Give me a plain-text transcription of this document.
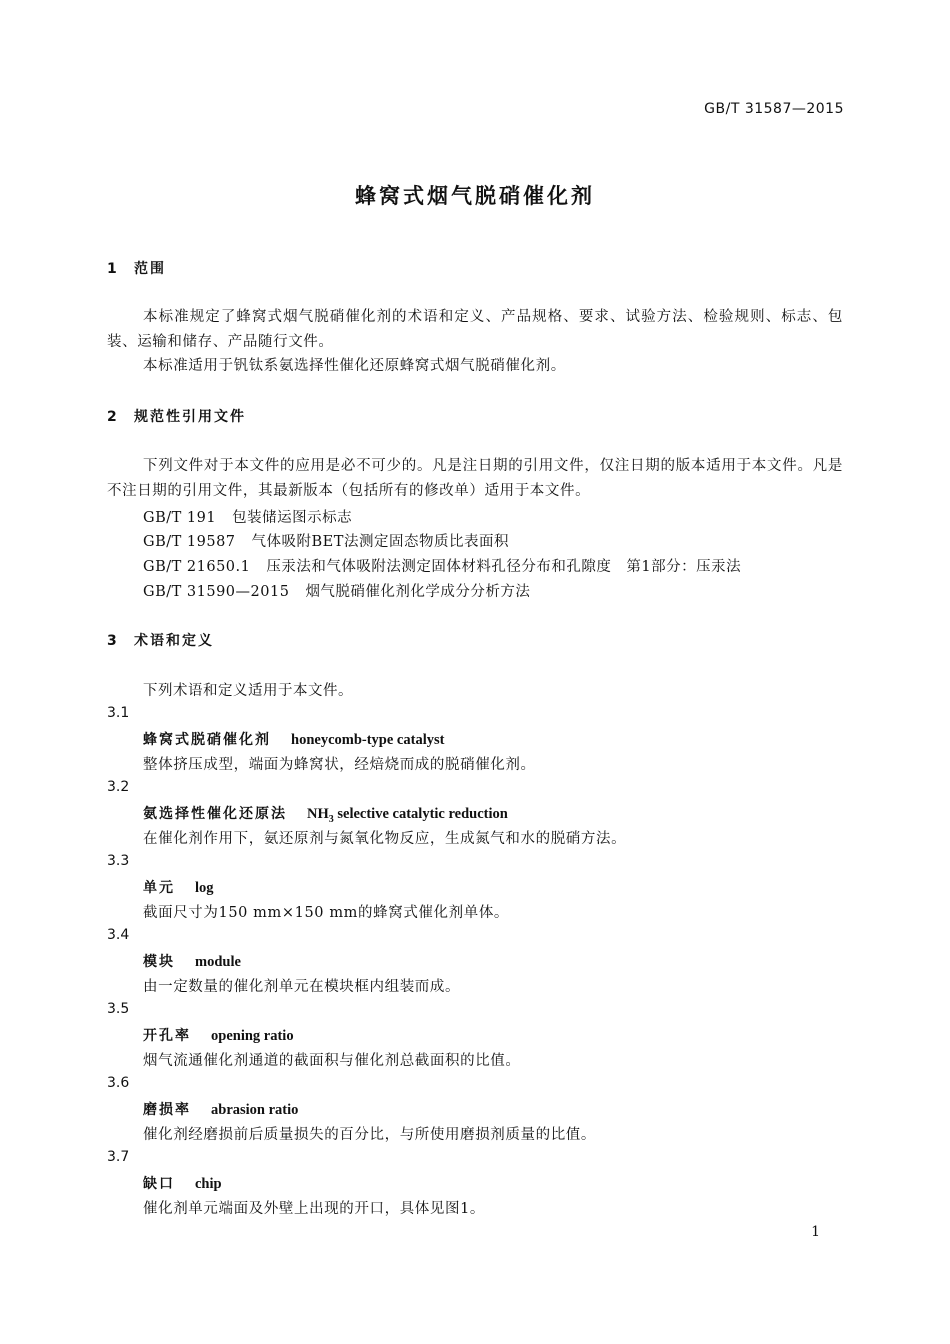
GB/T 31587—2015
蜂窝式烟气脱硝催化剂
1 范围
本标准规定了蜂窝式烟气脱硝催化剂的术语和定义、产品规格、要求、试验方法、检验规则、标志、包装、运输和储存、产品随行文件。
本标准适用于钒钛系氨选择性催化还原蜂窝式烟气脱硝催化剂。
2 规范性引用文件
下列文件对于本文件的应用是必不可少的。凡是注日期的引用文件，仅注日期的版本适用于本文件。凡是不注日期的引用文件，其最新版本（包括所有的修改单）适用于本文件。
GB/T 191 包装储运图示标志
GB/T 19587 气体吸附BET法测定固态物质比表面积
GB/T 21650.1 压汞法和气体吸附法测定固体材料孔径分布和孔隙度　第1部分：压汞法
GB/T 31590—2015 烟气脱硝催化剂化学成分分析方法
3 术语和定义
下列术语和定义适用于本文件。
3.1
蜂窝式脱硝催化剂 honeycomb-type catalyst
整体挤压成型，端面为蜂窝状，经焙烧而成的脱硝催化剂。
3.2
氨选择性催化还原法 $NH_3$ selective catalytic reduction
在催化剂作用下，氨还原剂与氮氧化物反应，生成氮气和水的脱硝方法。
3.3
单元 log
截面尺寸为150 mm×150 mm的蜂窝式催化剂单体。
3.4
模块 module
由一定数量的催化剂单元在模块框内组装而成。
3.5
开孔率 opening ratio
烟气流通催化剂通道的截面积与催化剂总截面积的比值。
3.6
磨损率 abrasion ratio
催化剂经磨损前后质量损失的百分比，与所使用磨损剂质量的比值。
3.7
缺口 chip
催化剂单元端面及外壁上出现的开口，具体见图1。
1
